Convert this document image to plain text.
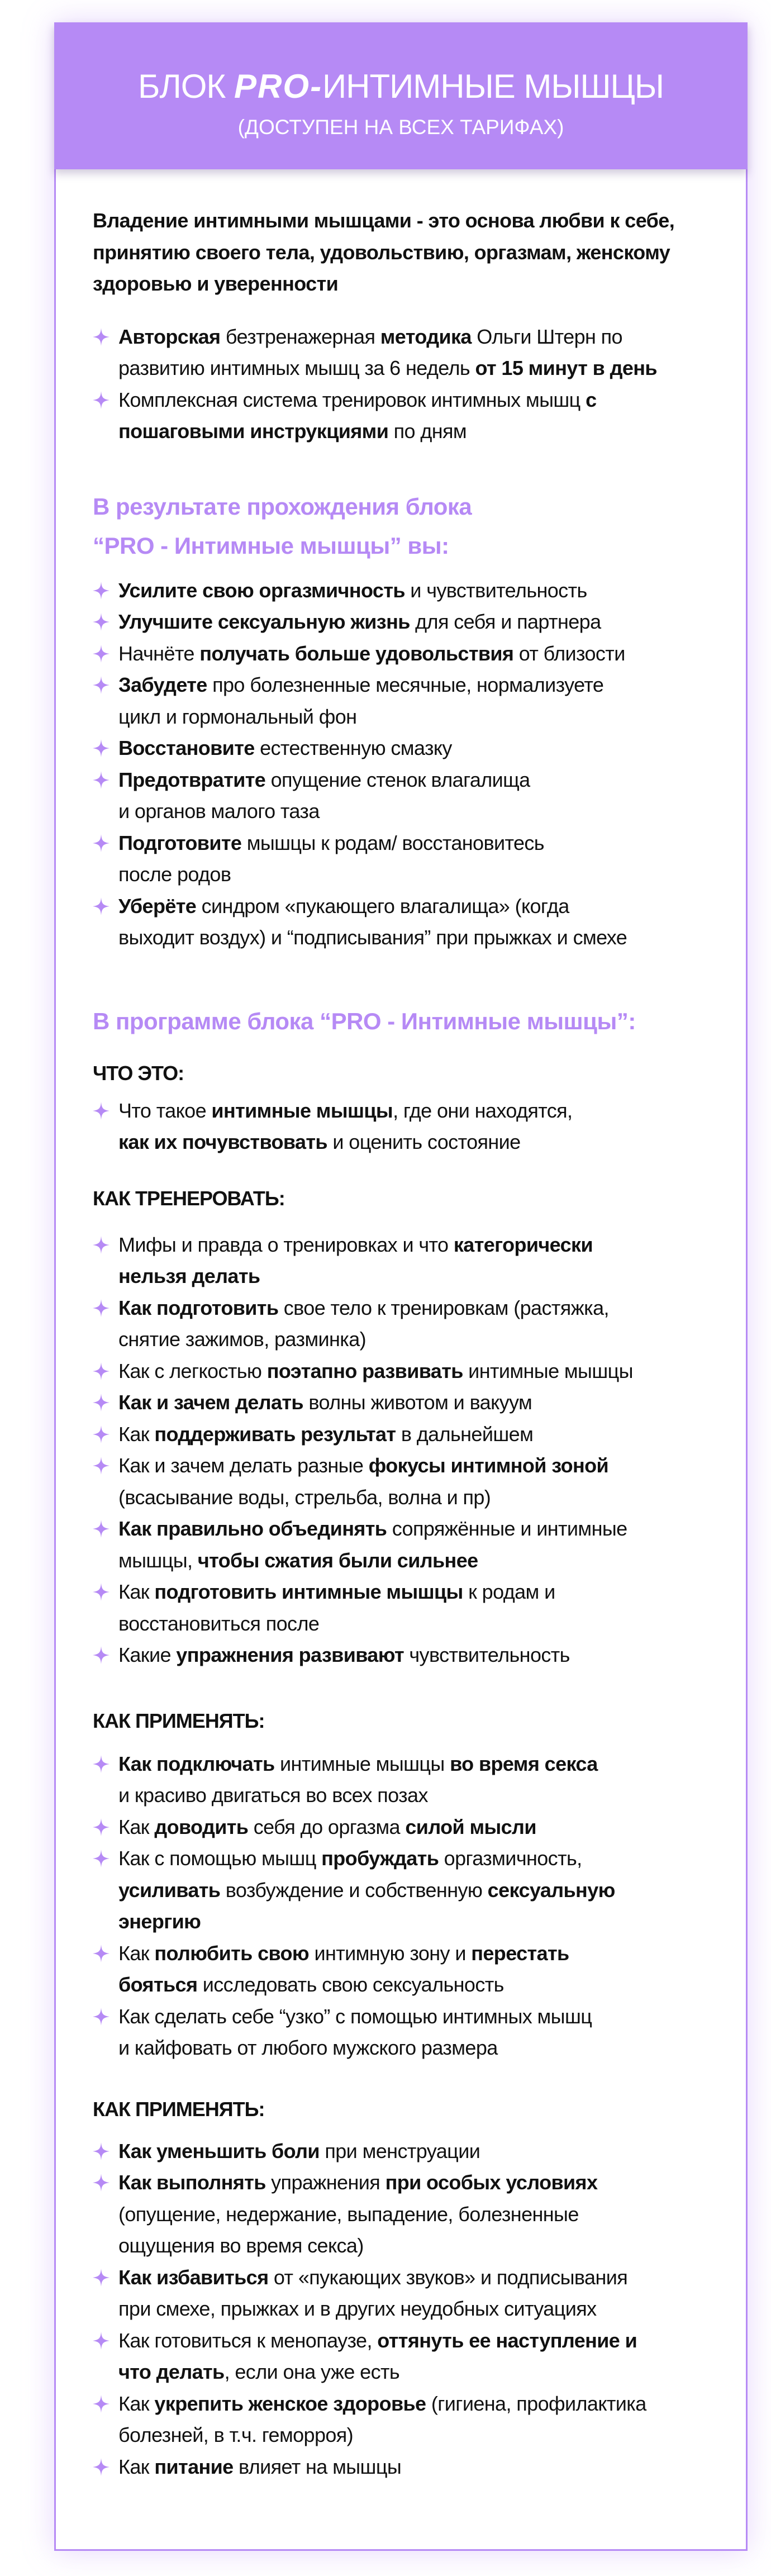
БЛОК PRO-ИНТИМНЫЕ МЫШЦЫ
(ДОСТУПЕН НА ВСЕХ ТАРИФАХ)
Владение интимными мышцами - это основа любви к себе,
принятию своего тела, удовольствию, оргазмам, женскому
здоровью и уверенности
Авторская безтренажерная методика Ольги Штерн по
развитию интимных мышц за 6 недель от 15 минут в день
Комплексная система тренировок интимных мышц с
пошаговыми инструкциями по дням
В результате прохождения блока
“PRO - Интимные мышцы” вы:
Усилите свою оргазмичность и чувствительность
Улучшите сексуальную жизнь для себя и партнера
Начнёте получать больше удовольствия от близости
Забудете про болезненные месячные, нормализуете
цикл и гормональный фон
Восстановите естественную смазку
Предотвратите опущение стенок влагалища
и органов малого таза
Подготовите мышцы к родам/ восстановитесь
после родов
Уберёте синдром «пукающего влагалища» (когда
выходит воздух) и “подписывания” при прыжках и смехе
В программе блока “PRO - Интимные мышцы”:
ЧТО ЭТО:
Что такое интимные мышцы, где они находятся,
как их почувствовать и оценить состояние
КАК ТРЕНЕРОВАТЬ:
Мифы и правда о тренировках и что категорически
нельзя делать
Как подготовить свое тело к тренировкам (растяжка,
снятие зажимов, разминка)
Как с легкостью поэтапно развивать интимные мышцы
Как и зачем делать волны животом и вакуум
Как поддерживать результат в дальнейшем
Как и зачем делать разные фокусы интимной зоной
(всасывание воды, стрельба, волна и пр)
Как правильно объединять сопряжённые и интимные
мышцы, чтобы сжатия были сильнее
Как подготовить интимные мышцы к родам и
восстановиться после
Какие упражнения развивают чувствительность
КАК ПРИМЕНЯТЬ:
Как подключать интимные мышцы во время секса
и красиво двигаться во всех позах
Как доводить себя до оргазма силой мысли
Как с помощью мышц пробуждать оргазмичность,
усиливать возбуждение и собственную сексуальную
энергию
Как полюбить свою интимную зону и перестать
бояться исследовать свою сексуальность
Как сделать себе “узко” с помощью интимных мышц
и кайфовать от любого мужского размера
КАК ПРИМЕНЯТЬ:
Как уменьшить боли при менструации
Как выполнять упражнения при особых условиях
(опущение, недержание, выпадение, болезненные
ощущения во время секса)
Как избавиться от «пукающих звуков» и подписывания
при смехе, прыжках и в других неудобных ситуациях
Как готовиться к менопаузе, оттянуть ее наступление и
что делать, если она уже есть
Как укрепить женское здоровье (гигиена, профилактика
болезней, в т.ч. геморроя)
Как питание влияет на мышцы
